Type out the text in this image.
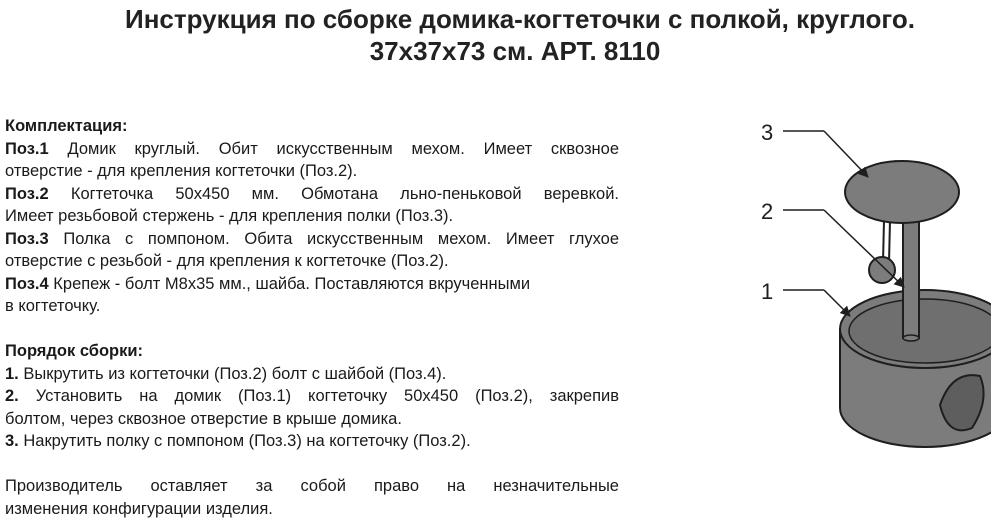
Инструкция по сборке домика-когтеточки с полкой, круглого.
37х37х73 см. АРТ. 8110
Комплектация:
Поз.1 Домик круглый. Обит искусственным мехом. Имеет сквозное
отверстие - для крепления когтеточки (Поз.2).
Поз.2 Когтеточка 50х450 мм. Обмотана льно-пеньковой веревкой.
Имеет резьбовой стержень - для крепления полки (Поз.3).
Поз.3 Полка с помпоном. Обита искусственным мехом. Имеет глухое
отверстие с резьбой - для крепления к когтеточке (Поз.2).
Поз.4 Крепеж - болт М8х35 мм., шайба. Поставляются вкрученными
в когтеточку.
Порядок сборки:
1. Выкрутить из когтеточки (Поз.2) болт с шайбой (Поз.4).
2. Установить на домик (Поз.1) когтеточку 50х450 (Поз.2), закрепив
болтом, через сквозное отверстие в крыше домика.
3. Накрутить полку с помпоном (Поз.3) на когтеточку (Поз.2).
Производитель оставляет за собой право на незначительные
изменения конфигурации изделия.
3
2
1
